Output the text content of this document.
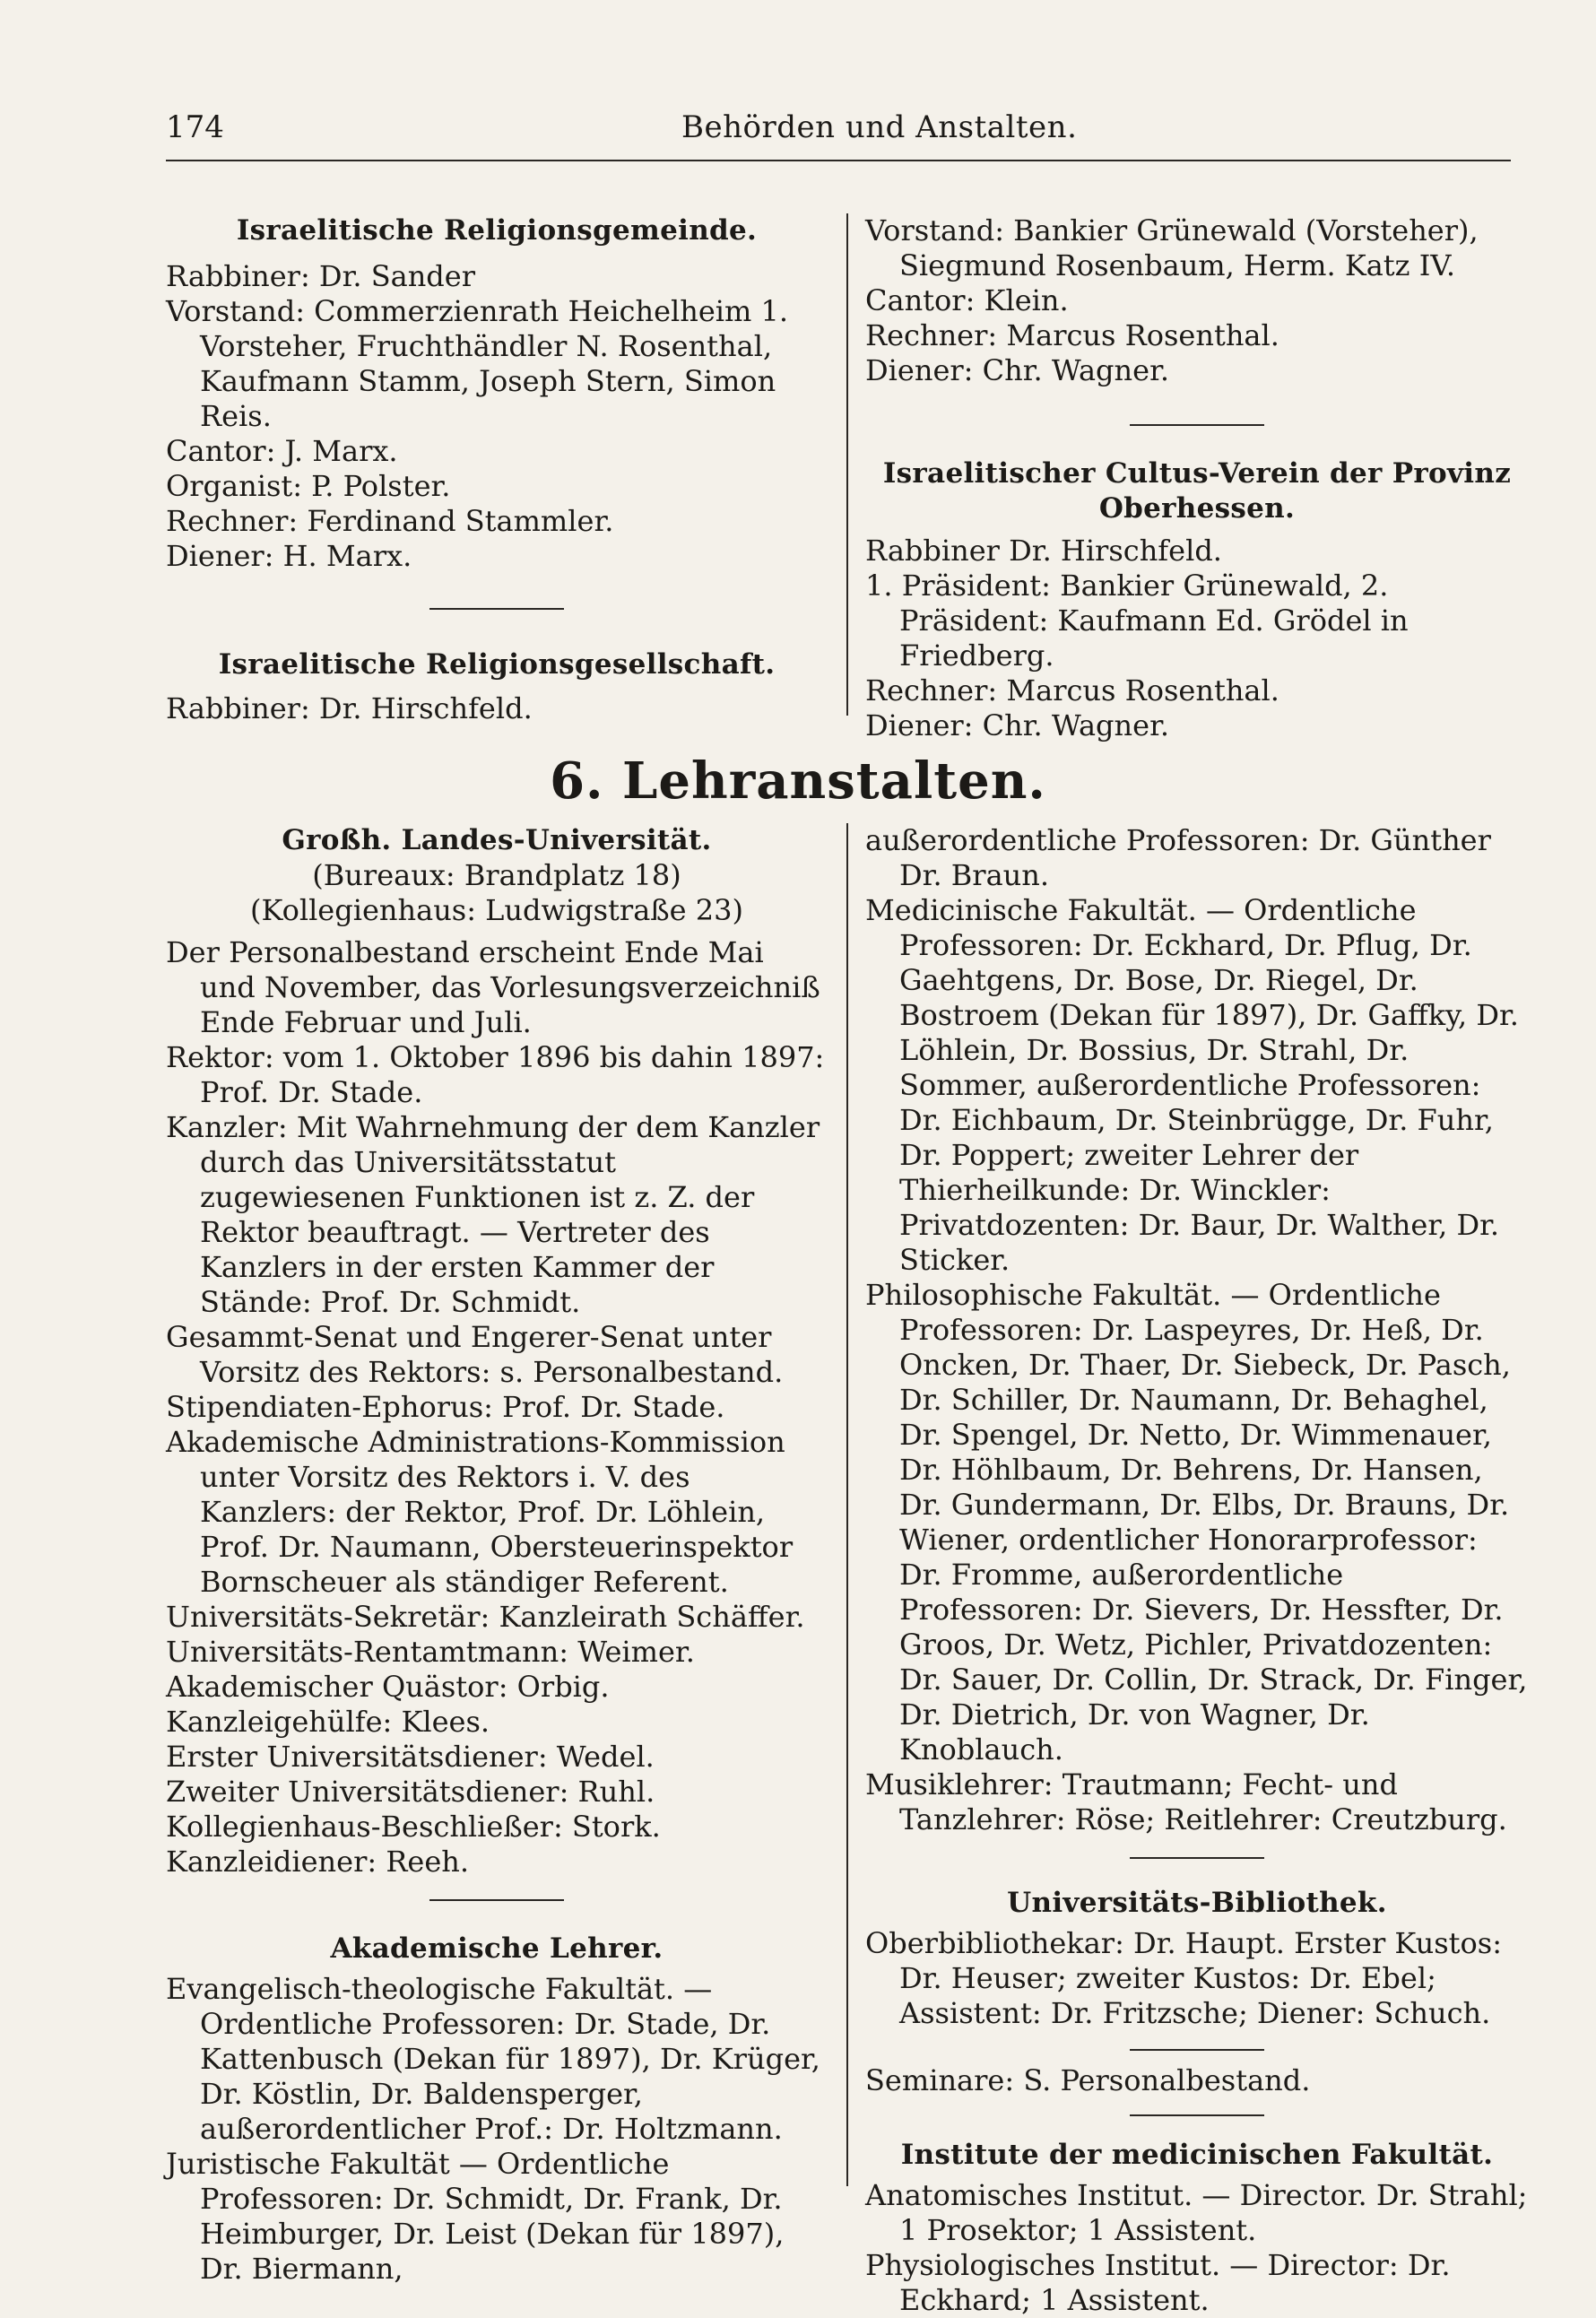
174	Behörden und Anstalten.

Israelitische Religionsgemeinde.

Rabbiner: Dr. Sander

Vorstand: Commerzienrath Heichelheim 1. Vorsteher, Fruchthändler N. Rosenthal, Kaufmann Stamm, Joseph Stern, Simon Reis.

Cantor: J. Marx.

Organist: P. Polster.

Rechner: Ferdinand Stammler.

Diener: H. Marx.

Israelitische Religionsgesellschaft.

Rabbiner: Dr. Hirschfeld.

Vorstand: Bankier Grünewald (Vorsteher), Siegmund Rosenbaum, Herm. Katz IV.

Cantor: Klein.

Rechner: Marcus Rosenthal.

Diener: Chr. Wagner.

Israelitischer Cultus-Verein der Provinz Oberhessen.

Rabbiner Dr. Hirschfeld.

1. Präsident: Bankier Grünewald, 2. Präsident: Kaufmann Ed. Grödel in Friedberg.

Rechner: Marcus Rosenthal.

Diener: Chr. Wagner.

6. Lehranstalten.

Großh. Landes-Universität.

(Bureaux: Brandplatz 18)

(Kollegienhaus: Ludwigstraße 23)

Der Personalbestand erscheint Ende Mai und November, das Vorlesungsverzeichniß Ende Februar und Juli.

Rektor: vom 1. Oktober 1896 bis dahin 1897: Prof. Dr. Stade.

Kanzler: Mit Wahrnehmung der dem Kanzler durch das Universitätsstatut zugewiesenen Funktionen ist z. Z. der Rektor beauftragt. — Vertreter des Kanzlers in der ersten Kammer der Stände: Prof. Dr. Schmidt.

Gesammt-Senat und Engerer-Senat unter Vorsitz des Rektors: s. Personalbestand.

Stipendiaten-Ephorus: Prof. Dr. Stade.

Akademische Administrations-Kommission unter Vorsitz des Rektors i. V. des Kanzlers: der Rektor, Prof. Dr. Löhlein, Prof. Dr. Naumann, Obersteuerinspektor Bornscheuer als ständiger Referent.

Universitäts-Sekretär: Kanzleirath Schäffer.

Universitäts-Rentamtmann: Weimer.

Akademischer Quästor: Orbig.

Kanzleigehülfe: Klees.

Erster Universitätsdiener: Wedel.

Zweiter Universitätsdiener: Ruhl.

Kollegienhaus-Beschließer: Stork.

Kanzleidiener: Reeh.

Akademische Lehrer.

Evangelisch-theologische Fakultät. — Ordentliche Professoren: Dr. Stade, Dr. Kattenbusch (Dekan für 1897), Dr. Krüger, Dr. Köstlin, Dr. Baldensperger, außerordentlicher Prof.: Dr. Holtzmann.

Juristische Fakultät — Ordentliche Professoren: Dr. Schmidt, Dr. Frank, Dr. Heimburger, Dr. Leist (Dekan für 1897), Dr. Biermann,

außerordentliche Professoren: Dr. Günther Dr. Braun.

Medicinische Fakultät. — Ordentliche Professoren: Dr. Eckhard, Dr. Pflug, Dr. Gaehtgens, Dr. Bose, Dr. Riegel, Dr. Bostroem (Dekan für 1897), Dr. Gaffky, Dr. Löhlein, Dr. Bossius, Dr. Strahl, Dr. Sommer, außerordentliche Professoren: Dr. Eichbaum, Dr. Steinbrügge, Dr. Fuhr, Dr. Poppert; zweiter Lehrer der Thierheilkunde: Dr. Winckler: Privatdozenten: Dr. Baur, Dr. Walther, Dr. Sticker.

Philosophische Fakultät. — Ordentliche Professoren: Dr. Laspeyres, Dr. Heß, Dr. Oncken, Dr. Thaer, Dr. Siebeck, Dr. Pasch, Dr. Schiller, Dr. Naumann, Dr. Behaghel, Dr. Spengel, Dr. Netto, Dr. Wimmenauer, Dr. Höhlbaum, Dr. Behrens, Dr. Hansen, Dr. Gundermann, Dr. Elbs, Dr. Brauns, Dr. Wiener, ordentlicher Honorarprofessor: Dr. Fromme, außerordentliche Professoren: Dr. Sievers, Dr. Hessfter, Dr. Groos, Dr. Wetz, Pichler, Privatdozenten: Dr. Sauer, Dr. Collin, Dr. Strack, Dr. Finger, Dr. Dietrich, Dr. von Wagner, Dr. Knoblauch.

Musiklehrer: Trautmann; Fecht- und Tanzlehrer: Röse; Reitlehrer: Creutzburg.

Universitäts-Bibliothek.

Oberbibliothekar: Dr. Haupt. Erster Kustos: Dr. Heuser; zweiter Kustos: Dr. Ebel; Assistent: Dr. Fritzsche; Diener: Schuch.

Seminare: S. Personalbestand.

Institute der medicinischen Fakultät.

Anatomisches Institut. — Director. Dr. Strahl; 1 Prosektor; 1 Assistent.

Physiologisches Institut. — Director: Dr. Eckhard; 1 Assistent.
